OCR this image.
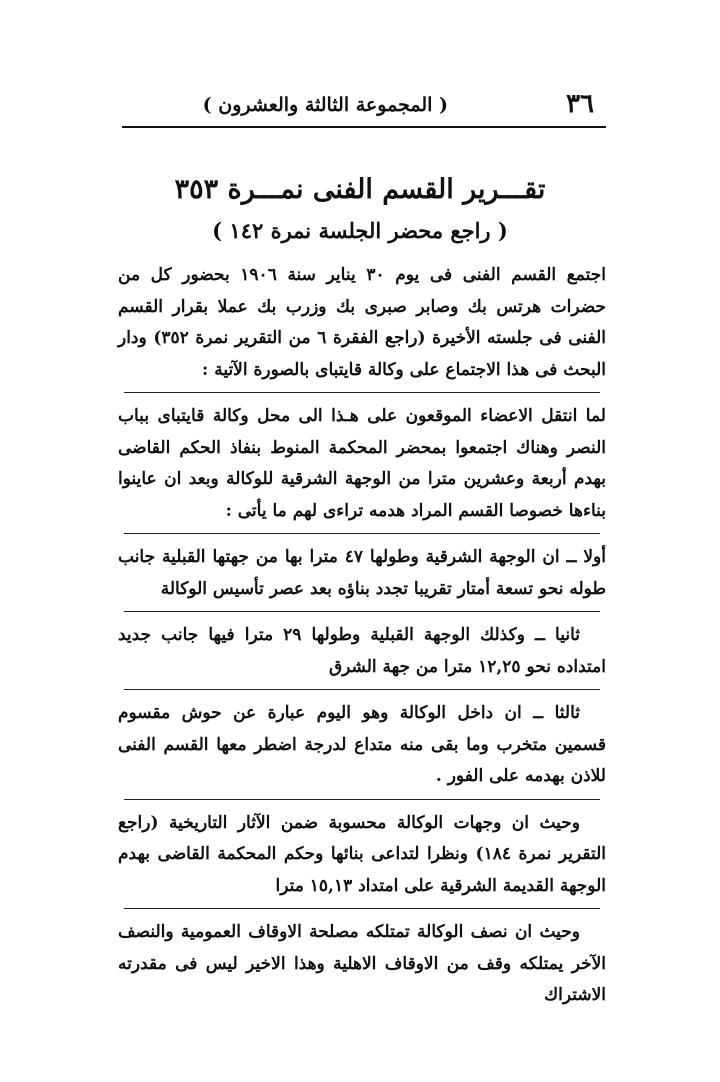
٣٦
( المجموعة الثالثة والعشرون )
تقـــرير القسم الفنى نمـــرة ٣٥٣
( راجع محضر الجلسة نمرة ١٤٢ )

اجتمع القسم الفنى فى يوم ٣٠ يناير سنة ١٩٠٦ بحضور كل من حضرات هرتس بك وصابر صبرى بك وزرب بك عملا بقرار القسم الفنى فى جلسته الأخيرة (راجع الفقرة ٦ من التقرير نمرة ٣٥٢) ودار البحث فى هذا الاجتماع على وكالة قايتباى بالصورة الآتية :

لما انتقل الاعضاء الموقعون على هـذا الى محل وكالة قايتباى بباب النصر وهناك اجتمعوا بمحضر المحكمة المنوط بنفاذ الحكم القاضى بهدم أربعة وعشرين مترا من الوجهة الشرقية للوكالة وبعد ان عاينوا بناءها خصوصا القسم المراد هدمه تراءى لهم ما يأتى :

أولا ــ ان الوجهة الشرقية وطولها ٤٧ مترا بها من جهتها القبلية جانب طوله نحو تسعة أمتار تقريبا تجدد بناؤه بعد عصر تأسيس الوكالة

ثانيا ــ وكذلك الوجهة القبلية وطولها ٢٩ مترا فيها جانب جديد امتداده نحو ١٢,٢٥ مترا من جهة الشرق

ثالثا ــ ان داخل الوكالة وهو اليوم عبارة عن حوش مقسوم قسمين متخرب وما بقى منه متداع لدرجة اضطر معها القسم الفنى للاذن بهدمه على الفور .

وحيث ان وجهات الوكالة محسوبة ضمن الآثار التاريخية (راجع التقرير نمرة ١٨٤) ونظرا لتداعى بنائها وحكم المحكمة القاضى بهدم الوجهة القديمة الشرقية على امتداد ١٥,١٣ مترا

وحيث ان نصف الوكالة تمتلكه مصلحة الاوقاف العمومية والنصف الآخر يمتلكه وقف من الاوقاف الاهلية وهذا الاخير ليس فى مقدرته الاشتراك
